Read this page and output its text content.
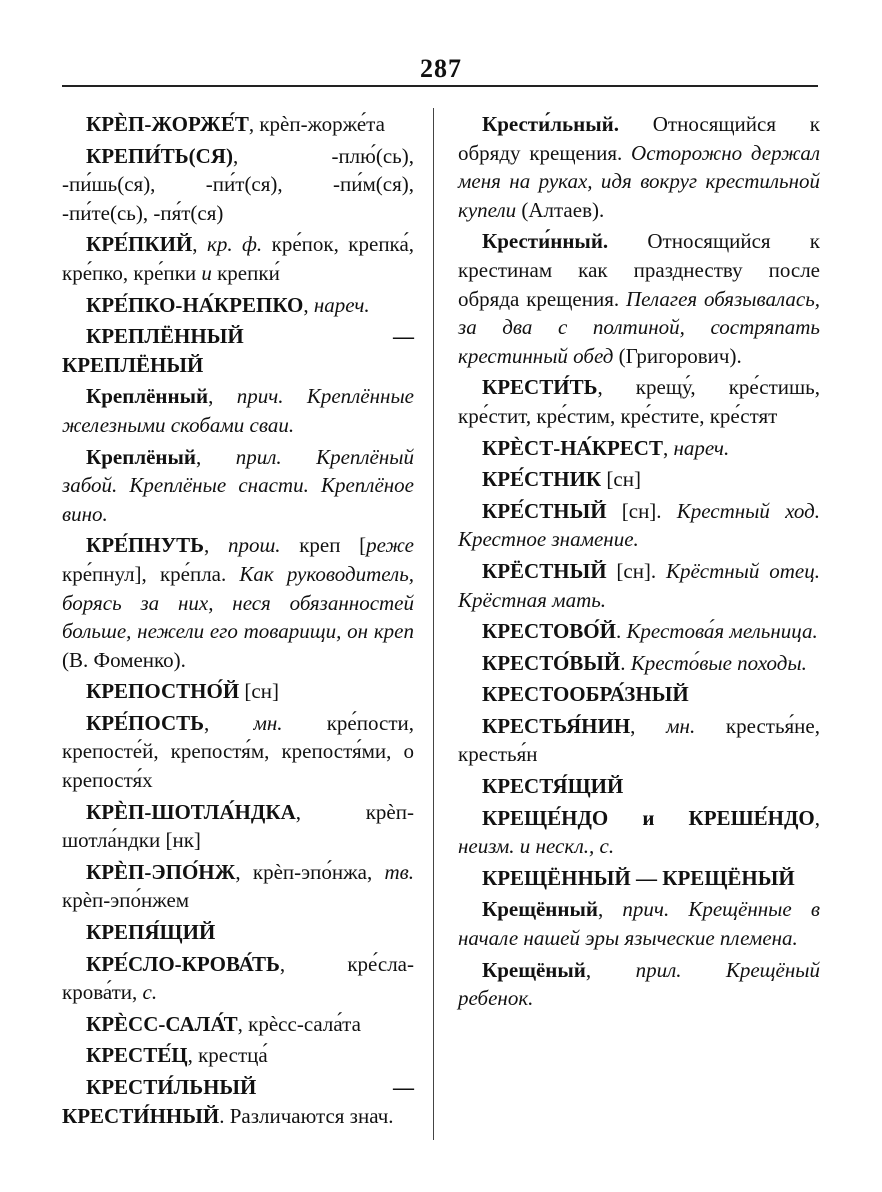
287

КРЀП-ЖОРЖЕ́Т, крѐп-жорже́та

КРЕПИ́ТЬ(СЯ), -плю́(сь), -пи́шь(ся), -пи́т(ся), -пи́м(ся), -пи́те(сь), -пя́т(ся)

КРЕ́ПКИЙ, кр. ф. кре́пок, крепка́, кре́пко, кре́пки и крепки́

КРЕ́ПКО-НА́КРЕПКО, нареч.

КРЕПЛЁННЫЙ — КРЕПЛЁНЫЙ

Креплённый, прич. Креплённые железными скобами сваи.

Креплёный, прил. Креплёный забой. Креплёные снасти. Креплёное вино.

КРЕ́ПНУТЬ, прош. креп [реже кре́пнул], кре́пла. Как руководитель, борясь за них, неся обязанностей больше, нежели его товарищи, он креп (В. Фоменко).

КРЕПОСТНО́Й [сн]

КРЕ́ПОСТЬ, мн. кре́пости, крепосте́й, крепостя́м, крепостя́ми, о крепостя́х

КРЀП-ШОТЛА́НДКА, крѐп-шотла́ндки [нк]

КРЀП-ЭПО́НЖ, крѐп-эпо́нжа, тв. крѐп-эпо́нжем

КРЕПЯ́ЩИЙ

КРЕ́СЛО-КРОВА́ТЬ, кре́сла-крова́ти, с.

КРЀСС-САЛА́Т, крѐсс-сала́та

КРЕСТЕ́Ц, крестца́

КРЕСТИ́ЛЬНЫЙ — КРЕСТИ́ННЫЙ. Различаются знач.

Крести́льный. Относящийся к обряду крещения. Осторожно держал меня на руках, идя вокруг крестильной купели (Алтаев).

Крести́нный. Относящийся к крестинам как празднеству после обряда крещения. Пелагея обязывалась, за два с полтиной, состряпать крестинный обед (Григорович).

КРЕСТИ́ТЬ, крещу́, кре́стишь, кре́стит, кре́стим, кре́стите, кре́стят

КРЀСТ-НА́КРЕСТ, нареч.

КРЕ́СТНИК [сн]

КРЕ́СТНЫЙ [сн]. Крестный ход. Крестное знамение.

КРЁСТНЫЙ [сн]. Крёстный отец. Крёстная мать.

КРЕСТОВО́Й. Крестова́я мельница.

КРЕСТО́ВЫЙ. Кресто́вые походы.

КРЕСТООБРА́ЗНЫЙ

КРЕСТЬЯ́НИН, мн. крестья́не, крестья́н

КРЕСТЯ́ЩИЙ

КРЕЩЕ́НДО и КРЕШЕ́НДО, неизм. и нескл., с.

КРЕЩЁННЫЙ — КРЕЩЁНЫЙ

Крещённый, прич. Крещённые в начале нашей эры языческие племена.

Крещёный, прил. Крещёный ребенок.
